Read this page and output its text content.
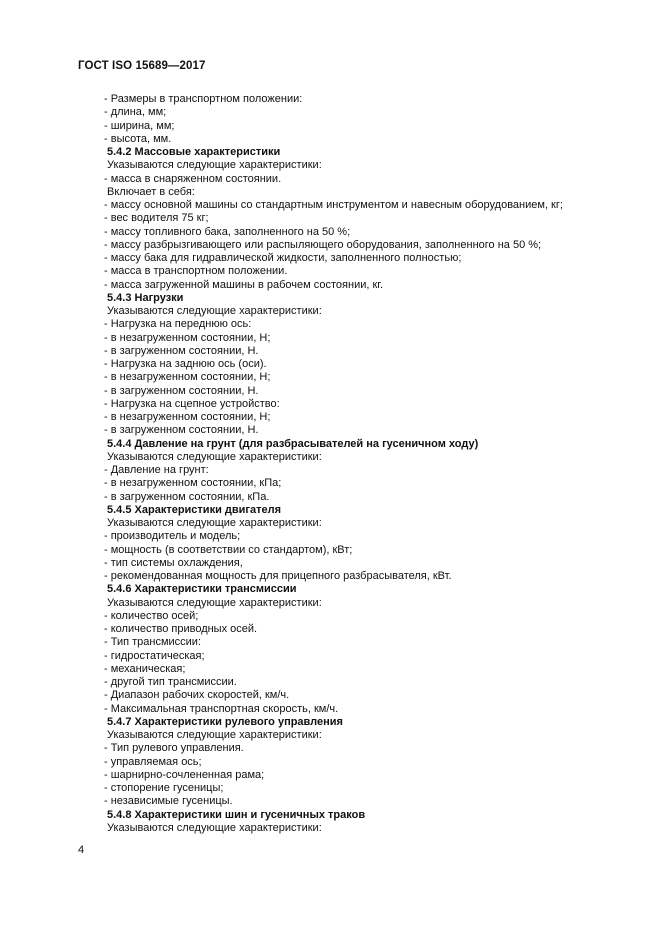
ГОСТ ISO 15689—2017
- Размеры в транспортном положении:
- длина, мм;
- ширина, мм;
- высота, мм.
5.4.2 Массовые характеристики
Указываются следующие характеристики:
- масса в снаряженном состоянии.
Включает в себя:
- массу основной машины со стандартным инструментом и навесным оборудованием, кг;
- вес водителя 75 кг;
- массу топливного бака, заполненного на 50 %;
- массу разбрызгивающего или распыляющего оборудования, заполненного на 50 %;
- массу бака для гидравлической жидкости, заполненного полностью;
- масса в транспортном положении.
- масса загруженной машины в рабочем состоянии, кг.
5.4.3 Нагрузки
Указываются следующие характеристики:
- Нагрузка на переднюю ось:
- в незагруженном состоянии, Н;
- в загруженном состоянии, Н.
- Нагрузка на заднюю ось (оси).
- в незагруженном состоянии, Н;
- в загруженном состоянии, Н.
- Нагрузка на сцепное устройство:
- в незагруженном состоянии, Н;
- в загруженном состоянии, Н.
5.4.4 Давление на грунт (для разбрасывателей на гусеничном ходу)
Указываются следующие характеристики:
- Давление на грунт:
- в незагруженном состоянии, кПа;
- в загруженном состоянии, кПа.
5.4.5 Характеристики двигателя
Указываются следующие характеристики:
- производитель и модель;
- мощность (в соответствии со стандартом), кВт;
- тип системы охлаждения,
- рекомендованная мощность для прицепного разбрасывателя, кВт.
5.4.6 Характеристики трансмиссии
Указываются следующие характеристики:
- количество осей;
- количество приводных осей.
- Тип трансмиссии:
- гидростатическая;
- механическая;
- другой тип трансмиссии.
- Диапазон рабочих скоростей, км/ч.
- Максимальная транспортная скорость, км/ч.
5.4.7 Характеристики рулевого управления
Указываются следующие характеристики:
- Тип рулевого управления.
- управляемая ось;
- шарнирно-сочлененная рама;
- стопорение гусеницы;
- независимые гусеницы.
5.4.8 Характеристики шин и гусеничных траков
Указываются следующие характеристики:
4
